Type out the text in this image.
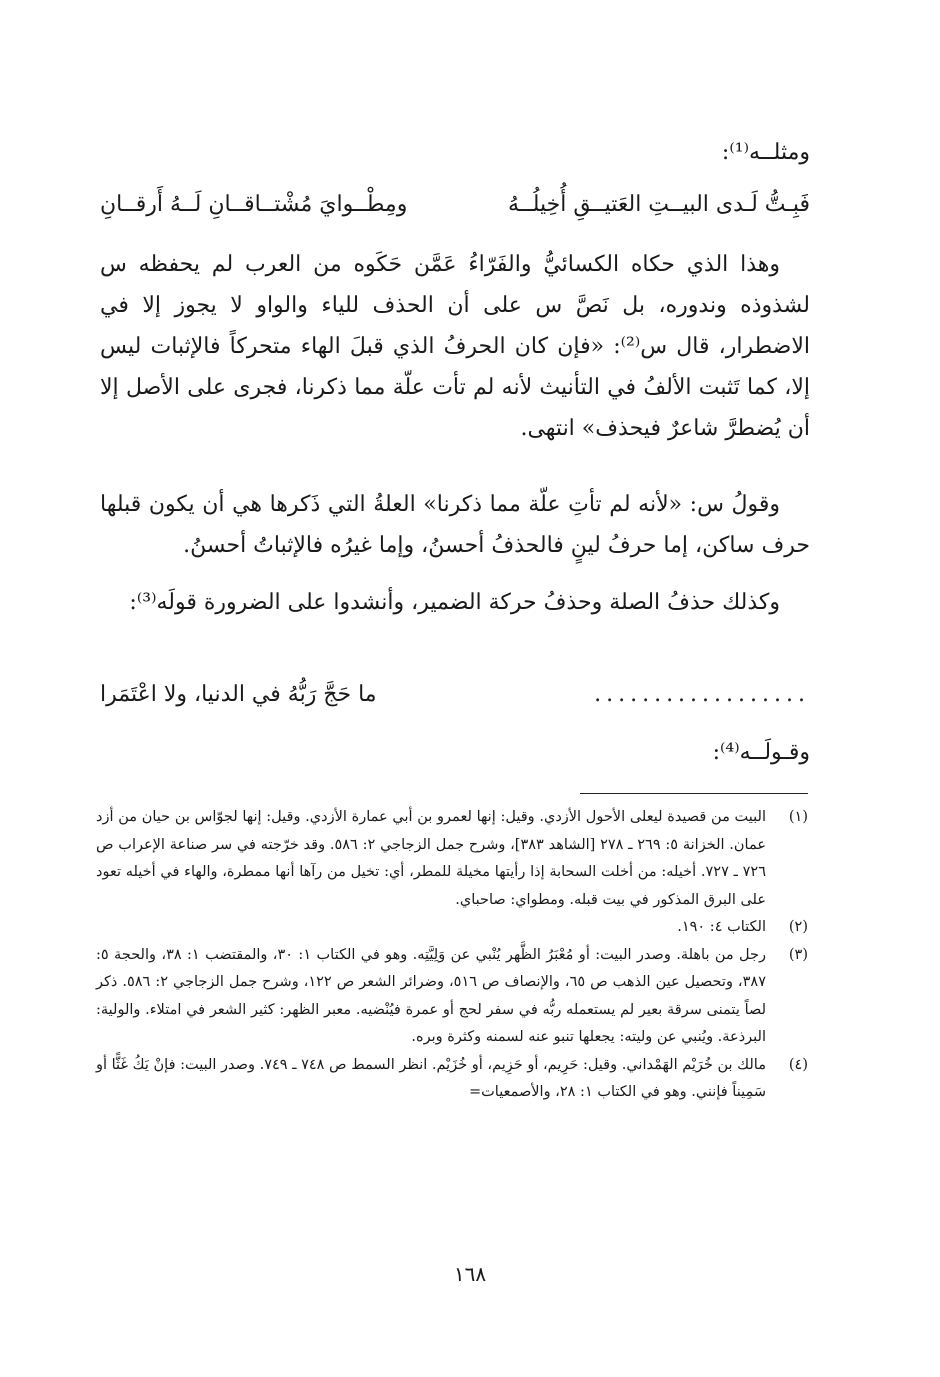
ومثلــه⁽¹⁾:
فَبِـتُّ لَـدى البيــتِ العَتيــقِ أُخِيلُــهُ
ومِطْــوايَ مُشْتــاقــانِ لَــهُ أَرقــانِ

وهذا الذي حكاه الكسائيُّ والفَرّاءُ عَمَّن حَكَوه من العرب لم يحفظه س لشذوذه وندوره، بل نَصَّ س على أن الحذف للياء والواو لا يجوز إلا في الاضطرار، قال س⁽²⁾: «فإن كان الحرفُ الذي قبلَ الهاء متحركاً فالإثبات ليس إلا، كما تَثبت الألفُ في التأنيث لأنه لم تأت علّة مما ذكرنا، فجرى على الأصل إلا أن يُضطرَّ شاعرٌ فيحذف» انتهى.

وقولُ س: «لأنه لم تأتِ علّة مما ذكرنا» العلةُ التي ذَكرها هي أن يكون قبلها حرف ساكن، إما حرفُ لينٍ فالحذفُ أحسنُ، وإما غيرُه فالإثباتُ أحسنُ.

وكذلك حذفُ الصلة وحذفُ حركة الضمير، وأنشدوا على الضرورة قولَه⁽³⁾:

..................
ما حَجَّ رَبُّهُ في الدنيا، ولا اعْتَمَرا
وقـولَــه⁽⁴⁾:
(١)
البيت من قصيدة ليعلى الأحول الأزدي. وقيل: إنها لعمرو بن أبي عمارة الأزدي. وقيل: إنها لجوّاس بن حيان من أزد عمان. الخزانة ٥: ٢٦٩ ـ ٢٧٨ [الشاهد ٣٨٣]، وشرح جمل الزجاجي ٢: ٥٨٦. وقد خرّجته في سر صناعة الإعراب ص ٧٢٦ ـ ٧٢٧. أخيله: من أخلت السحابة إذا رأيتها مخيلة للمطر، أي: تخيل من رآها أنها ممطرة، والهاء في أخيله تعود على البرق المذكور في بيت قبله. ومطواي: صاحباي.
(٢)
الكتاب ٤: ١٩٠.
(٣)
رجل من باهلة. وصدر البيت: أو مُعْبَرُ الظَّهر يُنْبي عن وَلِيَّتِه. وهو في الكتاب ١: ٣٠، والمقتضب ١: ٣٨، والحجة ٥: ٣٨٧، وتحصيل عين الذهب ص ٦٥، والإنصاف ص ٥١٦، وضرائر الشعر ص ١٢٢، وشرح جمل الزجاجي ٢: ٥٨٦. ذكر لصاً يتمنى سرقة بعير لم يستعمله ربُّه في سفر لحج أو عمرة فيُنْضيه. معبر الظهر: كثير الشعر في امتلاء. والولية: البرذعة. ويُنبي عن وليته: يجعلها تنبو عنه لسمنه وكثرة وبره.
(٤)
مالك بن خُرَيْم الهَمْداني. وقيل: حَرِيم، أو حَزِيم، أو خُزَيْم. انظر السمط ص ٧٤٨ ـ ٧٤٩. وصدر البيت: فإنْ يَكُ غَثًّا أو سَمِيناً فإنني. وهو في الكتاب ١: ٢٨، والأصمعيات=
١٦٨
